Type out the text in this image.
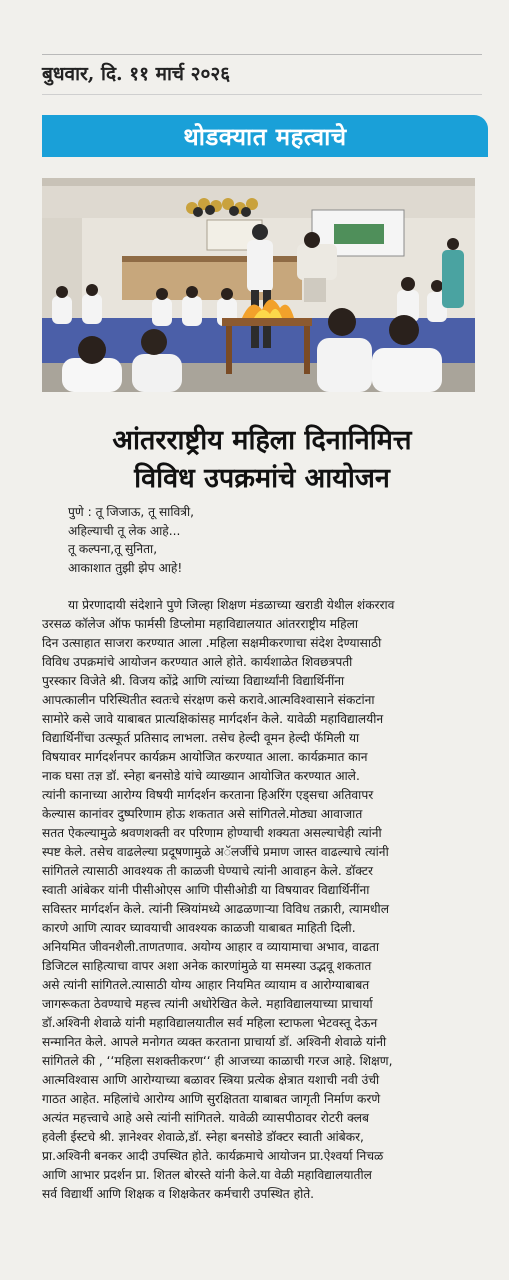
बुधवार, दि. ११ मार्च २०२६
थोडक्यात महत्वाचे
आंतरराष्ट्रीय महिला दिनानिमित्त
विविध उपक्रमांचे आयोजन
पुणे : तू जिजाऊ, तू सावित्री,
अहिल्याची तू लेक आहे...
तू कल्पना,तू सुनिता,
आकाशात तुझी झेप आहे!
या प्रेरणादायी संदेशाने पुणे जिल्हा शिक्षण मंडळाच्या खराडी येथील शंकरराव
उरसळ कॉलेज ऑफ फार्मसी डिप्लोमा महाविद्यालयात आंतरराष्ट्रीय महिला
दिन उत्साहात साजरा करण्यात आला .महिला सक्षमीकरणाचा संदेश देण्यासाठी
विविध उपक्रमांचे आयोजन करण्यात आले होते. कार्यशाळेत शिवछत्रपती
पुरस्कार विजेते श्री. विजय कोंद्रे आणि त्यांच्या विद्यार्थ्यांनी विद्यार्थिनींना
आपत्कालीन परिस्थितीत स्वतःचे संरक्षण कसे करावे.आत्मविश्वासाने संकटांना
सामोरे कसे जावे याबाबत प्रात्यक्षिकांसह मार्गदर्शन केले. यावेळी महाविद्यालयीन
विद्यार्थिनींचा उत्स्फूर्त प्रतिसाद लाभला. तसेच हेल्दी वूमन हेल्दी फॅमिली या
विषयावर मार्गदर्शनपर कार्यक्रम आयोजित करण्यात आला. कार्यक्रमात कान
नाक घसा तज्ञ डॉ. स्नेहा बनसोडे यांचे व्याख्यान आयोजित करण्यात आले.
त्यांनी कानाच्या आरोग्य विषयी मार्गदर्शन करताना हिअरिंग एड्सचा अतिवापर
केल्यास कानांवर दुष्परिणाम होऊ शकतात असे सांगितले.मोठ्या आवाजात
सतत ऐकल्यामुळे श्रवणशक्ती वर परिणाम होण्याची शक्यता असल्याचेही त्यांनी
स्पष्ट केले. तसेच वाढलेल्या प्रदूषणामुळे अॅलर्जीचे प्रमाण जास्त वाढल्याचे त्यांनी
सांगितले त्यासाठी आवश्यक ती काळजी घेण्याचे त्यांनी आवाहन केले. डॉक्टर
स्वाती आंबेकर यांनी पीसीओएस आणि पीसीओडी या विषयावर विद्यार्थिनींना
सविस्तर मार्गदर्शन केले. त्यांनी स्त्रियांमध्ये आढळणाऱ्या विविध तक्रारी, त्यामधील
कारणे आणि त्यावर घ्यावयाची आवश्यक काळजी याबाबत माहिती दिली.
अनियमित जीवनशैली.ताणतणाव. अयोग्य आहार व व्यायामाचा अभाव, वाढता
डिजिटल साहित्याचा वापर अशा अनेक कारणांमुळे या समस्या उद्भवू शकतात
असे त्यांनी सांगितले.त्यासाठी योग्य आहार नियमित व्यायाम व आरोग्याबाबत
जागरूकता ठेवण्याचे महत्त्व त्यांनी अधोरेखित केले. महाविद्यालयाच्या प्राचार्या
डॉ.अश्विनी शेवाळे यांनी महाविद्यालयातील सर्व महिला स्टाफला भेटवस्तू देऊन
सन्मानित केले. आपले मनोगत व्यक्त करताना प्राचार्या डॉ. अश्विनी शेवाळे यांनी
सांगितले की , ‘‘महिला सशक्तीकरण‘‘ ही आजच्या काळाची गरज आहे. शिक्षण,
आत्मविश्वास आणि आरोग्याच्या बळावर स्त्रिया प्रत्येक क्षेत्रात यशाची नवी उंची
गाठत आहेत. महिलांचे आरोग्य आणि सुरक्षितता याबाबत जागृती निर्माण करणे
अत्यंत महत्त्वाचे आहे असे त्यांनी सांगितले. यावेळी व्यासपीठावर रोटरी क्लब
हवेली ईस्टचे श्री. ज्ञानेश्वर शेवाळे,डॉ. स्नेहा बनसोडे डॉक्टर स्वाती आंबेकर,
प्रा.अश्विनी बनकर आदी उपस्थित होते. कार्यक्रमाचे आयोजन प्रा.ऐश्वर्या निचळ
आणि आभार प्रदर्शन प्रा. शितल बोरस्ते यांनी केले.या वेळी महाविद्यालयातील
सर्व विद्यार्थी आणि शिक्षक व शिक्षकेतर कर्मचारी उपस्थित होते.
